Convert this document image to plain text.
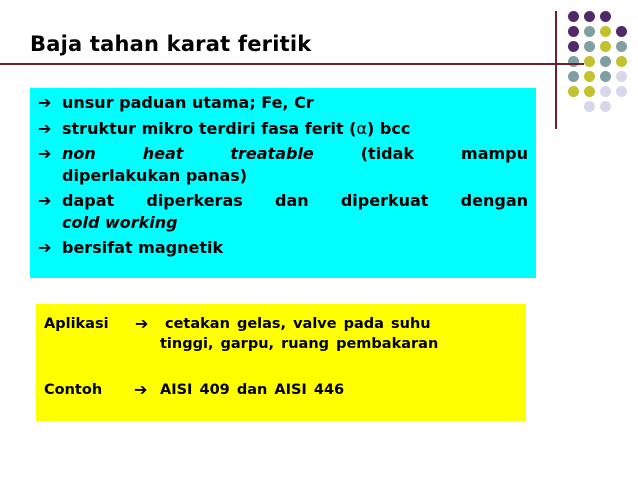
Baja tahan karat feritik
➔ unsur paduan utama; Fe, Cr
➔ struktur mikro terdiri fasa ferit (α) bcc
➔ non heat treatable	(tidak mampu
diperlakukan panas)
➔ dapat diperkeras dan diperkuat dengan
cold working
➔ bersifat magnetik
Aplikasi ➔ cetakan gelas, valve pada suhu
tinggi, garpu, ruang pembakaran
Contoh ➔ AISI 409 dan AISI 446
